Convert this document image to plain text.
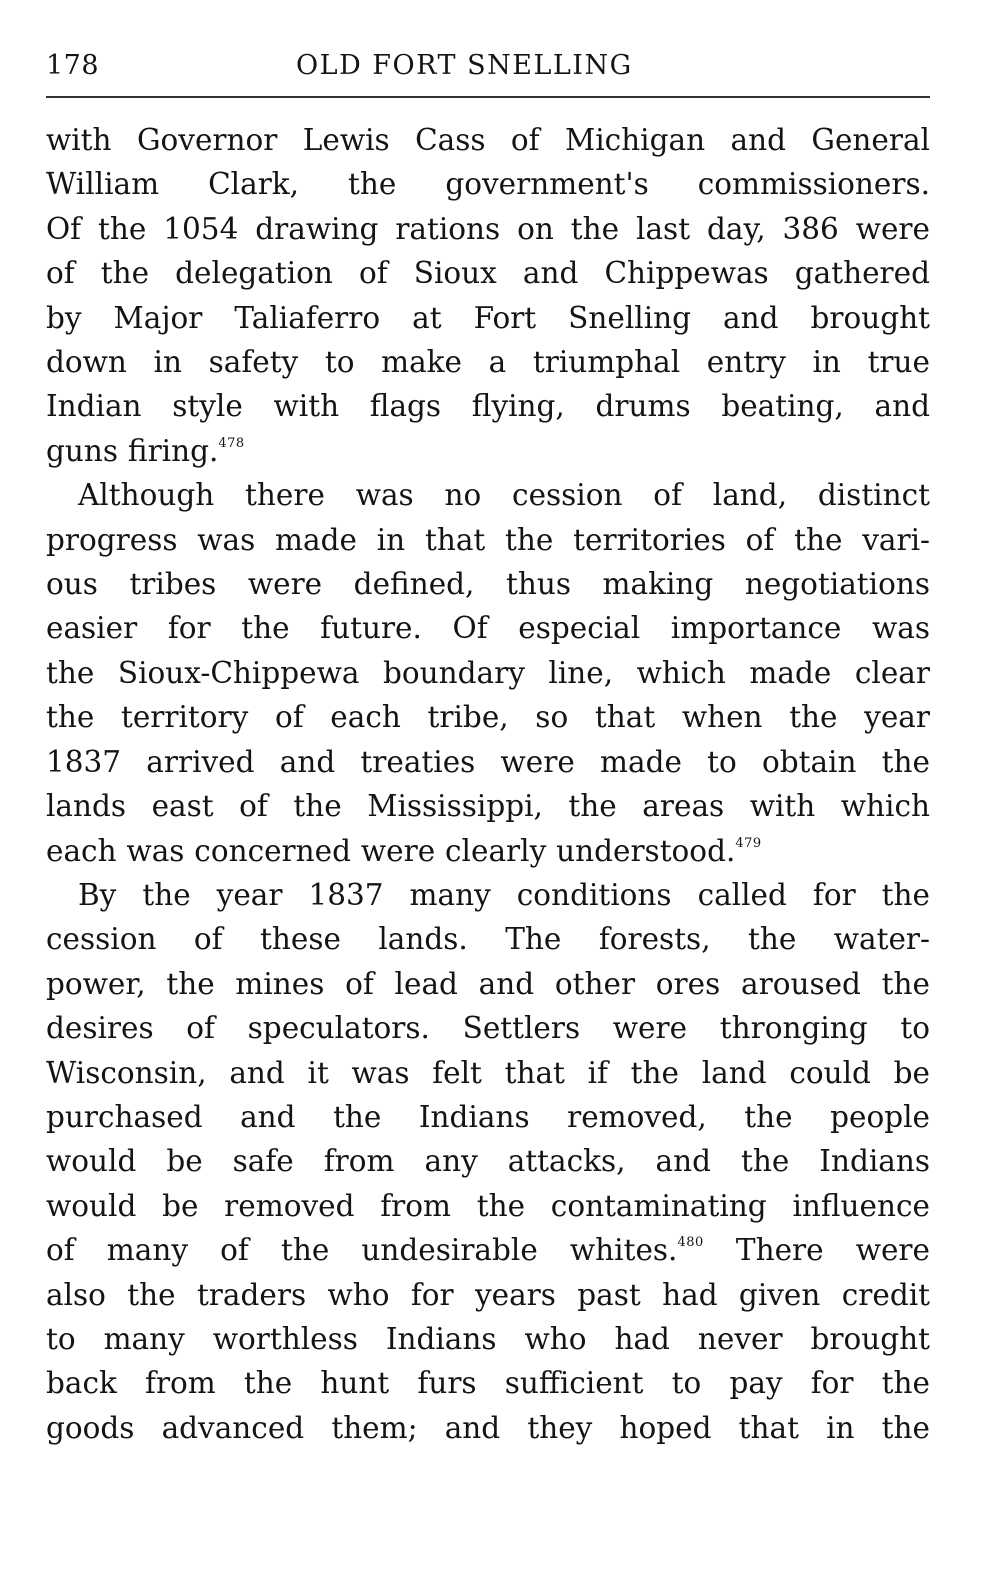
178	OLD FORT SNELLING

with Governor Lewis Cass of Michigan and General
William Clark, the government's commissioners.
Of the 1054 drawing rations on the last day, 386 were
of the delegation of Sioux and Chippewas gathered
by Major Taliaferro at Fort Snelling and brought
down in safety to make a triumphal entry in true
Indian style with flags flying, drums beating, and
guns firing.$^{478}$

Although there was no cession of land, distinct
progress was made in that the territories of the vari-
ous tribes were defined, thus making negotiations
easier for the future. Of especial importance was
the Sioux-Chippewa boundary line, which made clear
the territory of each tribe, so that when the year
1837 arrived and treaties were made to obtain the
lands east of the Mississippi, the areas with which
each was concerned were clearly understood.$^{479}$

By the year 1837 many conditions called for the
cession of these lands. The forests, the water-
power, the mines of lead and other ores aroused the
desires of speculators. Settlers were thronging to
Wisconsin, and it was felt that if the land could be
purchased and the Indians removed, the people
would be safe from any attacks, and the Indians
would be removed from the contaminating influence
of many of the undesirable whites.$^{480}$ There were
also the traders who for years past had given credit
to many worthless Indians who had never brought
back from the hunt furs sufficient to pay for the
goods advanced them; and they hoped that in the
